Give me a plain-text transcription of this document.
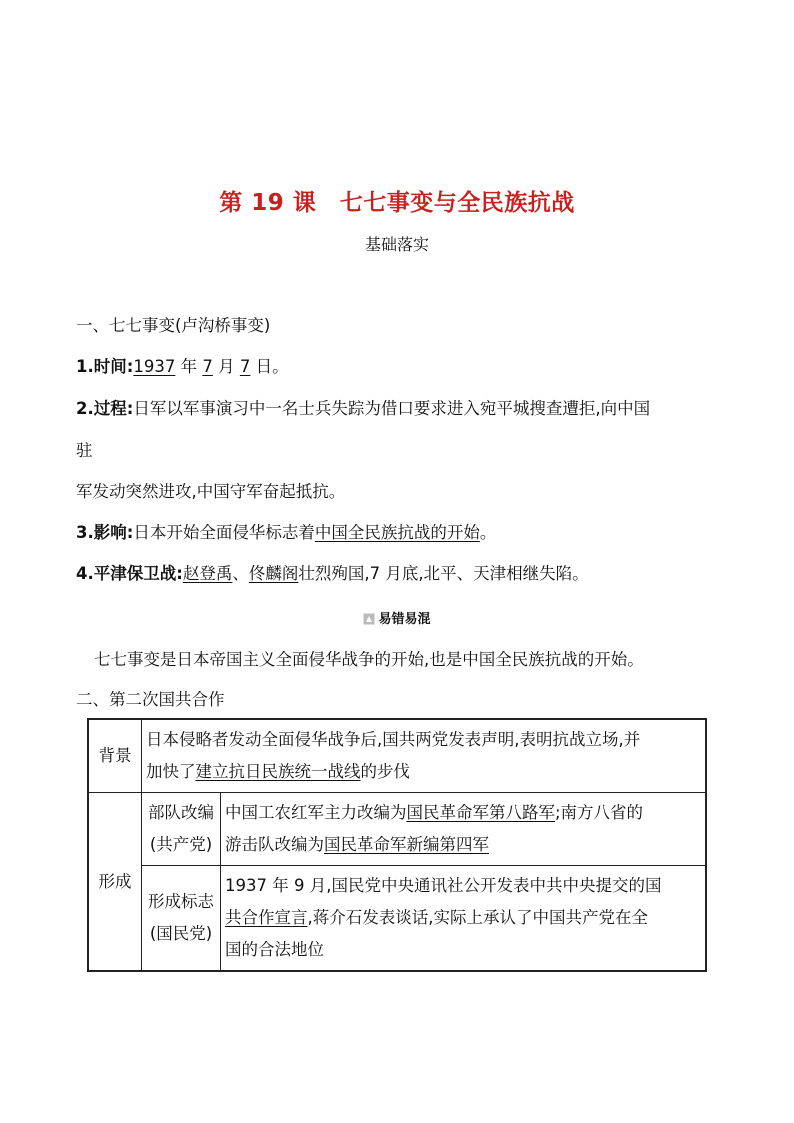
第 19 课　七七事变与全民族抗战
基础落实
一、七七事变(卢沟桥事变)
1.时间:1937 年 7 月 7 日。
2.过程:日军以军事演习中一名士兵失踪为借口要求进入宛平城搜查遭拒,向中国
驻
军发动突然进攻,中国守军奋起抵抗。
3.影响:日本开始全面侵华标志着中国全民族抗战的开始。
4.平津保卫战:赵登禹、佟麟阁壮烈殉国,7 月底,北平、天津相继失陷。
易错易混
七七事变是日本帝国主义全面侵华战争的开始,也是中国全民族抗战的开始。
二、第二次国共合作
背景	日本侵略者发动全面侵华战争后,国共两党发表声明,表明抗战立场,并
加快了建立抗日民族统一战线的步伐	
形成	部队改编
(共产党)	中国工农红军主力改编为国民革命军第八路军;南方八省的
游击队改编为国民革命军新编第四军
	形成标志
(国民党)	1937 年 9 月,国民党中央通讯社公开发表中共中央提交的国
共合作宣言,蒋介石发表谈话,实际上承认了中国共产党在全
国的合法地位
